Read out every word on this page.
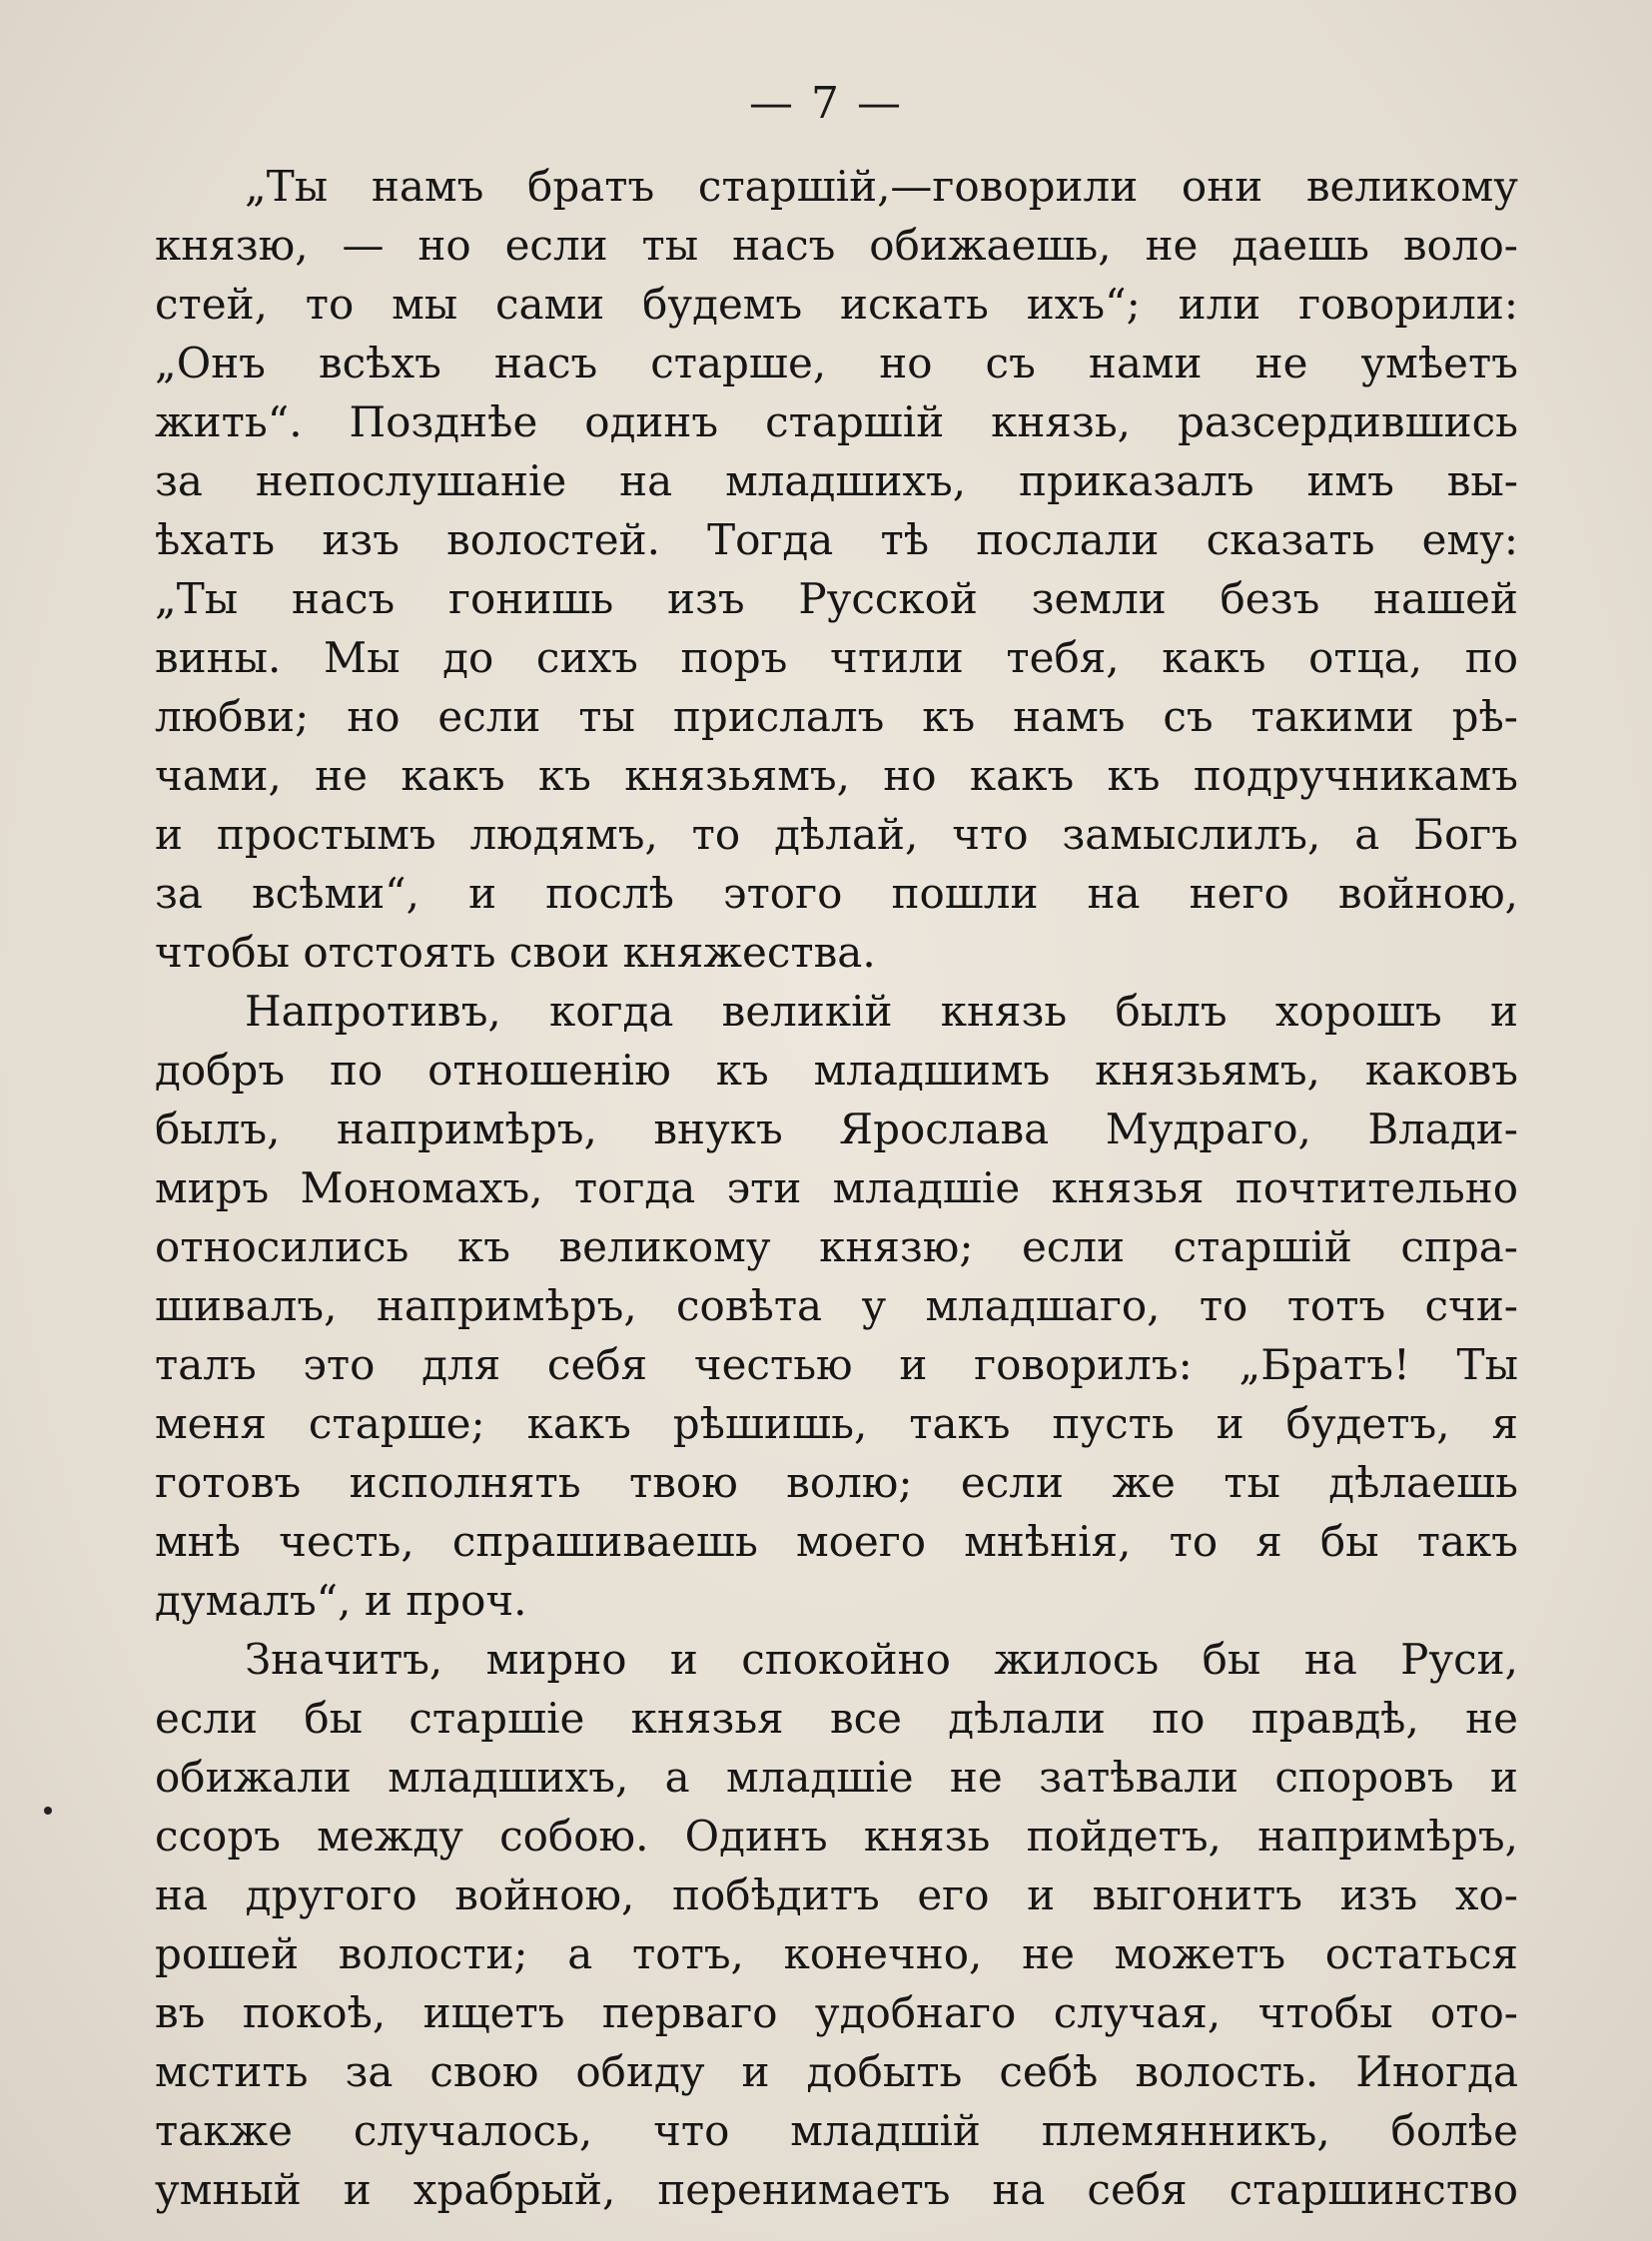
— 7 —
„Ты намъ братъ старшій,—говорили они великому
князю, — но если ты насъ обижаешь, не даешь воло-
стей, то мы сами будемъ искать ихъ“; или говорили:
„Онъ всѣхъ насъ старше, но съ нами не умѣетъ
жить“. Позднѣе одинъ старшій князь, разсердившись
за непослушаніе на младшихъ, приказалъ имъ вы-
ѣхать изъ волостей. Тогда тѣ послали сказать ему:
„Ты насъ гонишь изъ Русской земли безъ нашей
вины. Мы до сихъ поръ чтили тебя, какъ отца, по
любви; но если ты прислалъ къ намъ съ такими рѣ-
чами, не какъ къ князьямъ, но какъ къ подручникамъ
и простымъ людямъ, то дѣлай, что замыслилъ, а Богъ
за всѣми“, и послѣ этого пошли на него войною,
чтобы отстоять свои княжества.
Напротивъ, когда великій князь былъ хорошъ и
добръ по отношенію къ младшимъ князьямъ, каковъ
былъ, напримѣръ, внукъ Ярослава Мудраго, Влади-
миръ Мономахъ, тогда эти младшіе князья почтительно
относились къ великому князю; если старшій спра-
шивалъ, напримѣръ, совѣта у младшаго, то тотъ счи-
талъ это для себя честью и говорилъ: „Братъ! Ты
меня старше; какъ рѣшишь, такъ пусть и будетъ, я
готовъ исполнять твою волю; если же ты дѣлаешь
мнѣ честь, спрашиваешь моего мнѣнія, то я бы такъ
думалъ“, и проч.
Значитъ, мирно и спокойно жилось бы на Руси,
если бы старшіе князья все дѣлали по правдѣ, не
обижали младшихъ, а младшіе не затѣвали споровъ и
ссоръ между собою. Одинъ князь пойдетъ, напримѣръ,
на другого войною, побѣдитъ его и выгонитъ изъ хо-
рошей волости; а тотъ, конечно, не можетъ остаться
въ покоѣ, ищетъ перваго удобнаго случая, чтобы ото-
мстить за свою обиду и добыть себѣ волость. Иногда
также случалось, что младшій племянникъ, болѣе
умный и храбрый, перенимаетъ на себя старшинство
